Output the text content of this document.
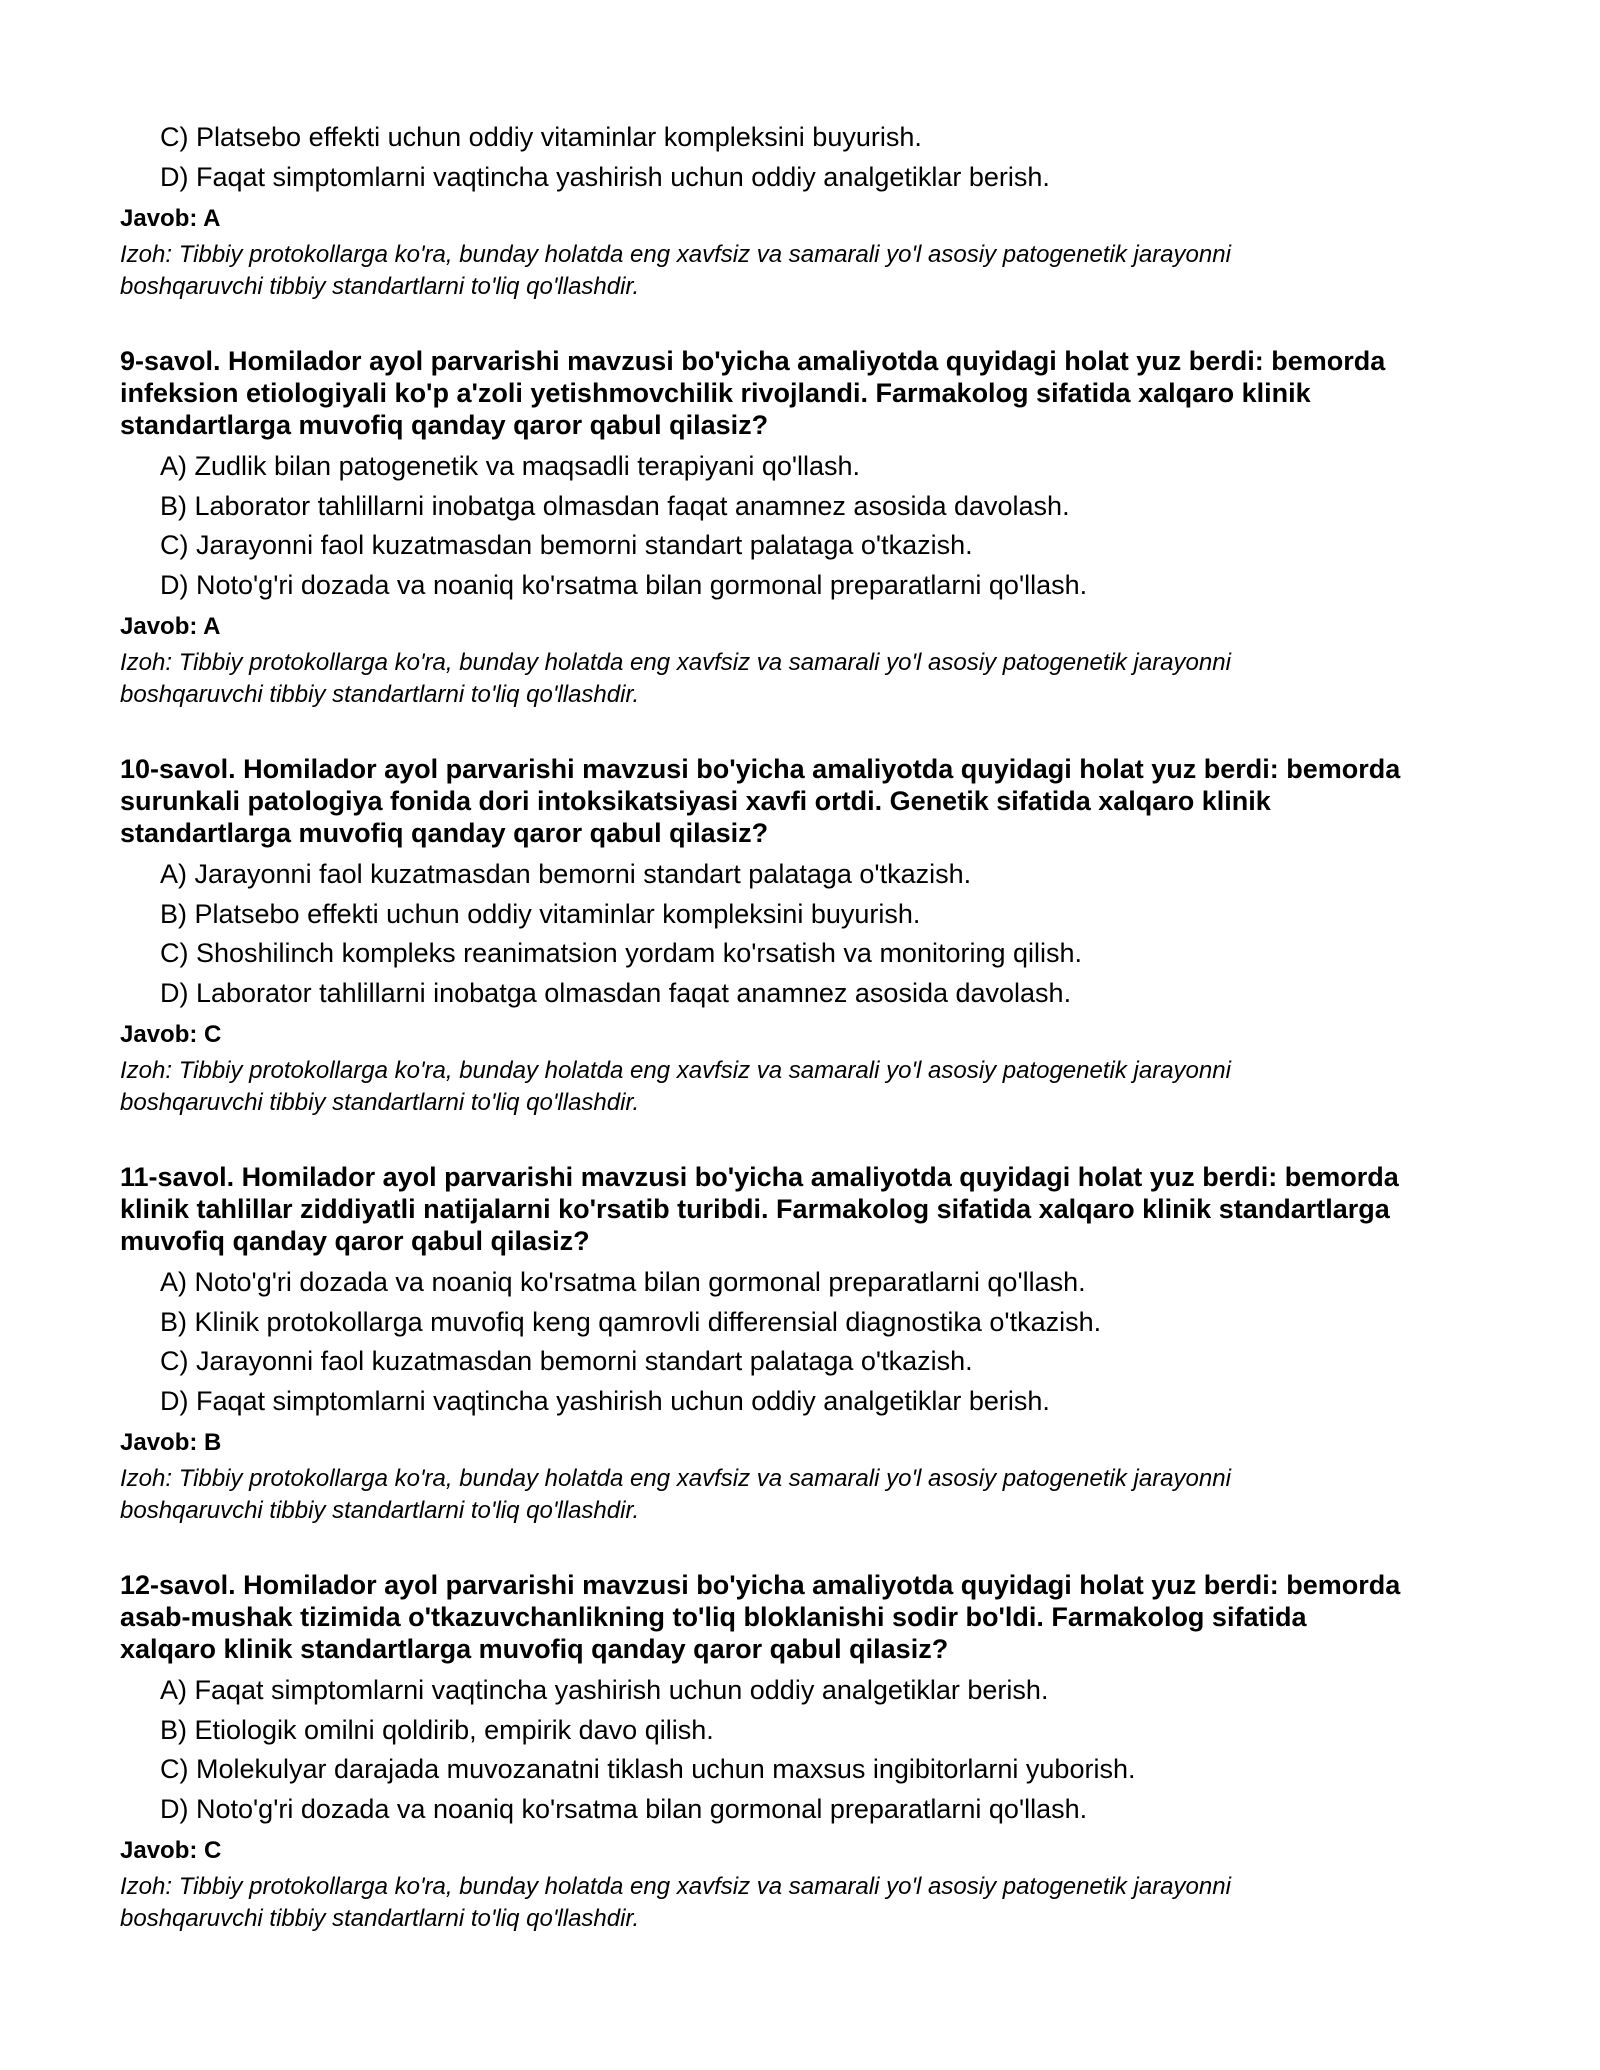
C) Platsebo effekti uchun oddiy vitaminlar kompleksini buyurish.
D) Faqat simptomlarni vaqtincha yashirish uchun oddiy analgetiklar berish.
Javob: A
Izoh: Tibbiy protokollarga ko'ra, bunday holatda eng xavfsiz va samarali yo'l asosiy patogenetik jarayonni
boshqaruvchi tibbiy standartlarni to'liq qo'llashdir.
9-savol. Homilador ayol parvarishi mavzusi bo'yicha amaliyotda quyidagi holat yuz berdi: bemorda
infeksion etiologiyali ko'p a'zoli yetishmovchilik rivojlandi. Farmakolog sifatida xalqaro klinik
standartlarga muvofiq qanday qaror qabul qilasiz?
A) Zudlik bilan patogenetik va maqsadli terapiyani qo'llash.
B) Laborator tahlillarni inobatga olmasdan faqat anamnez asosida davolash.
C) Jarayonni faol kuzatmasdan bemorni standart palataga o'tkazish.
D) Noto'g'ri dozada va noaniq ko'rsatma bilan gormonal preparatlarni qo'llash.
Javob: A
Izoh: Tibbiy protokollarga ko'ra, bunday holatda eng xavfsiz va samarali yo'l asosiy patogenetik jarayonni
boshqaruvchi tibbiy standartlarni to'liq qo'llashdir.
10-savol. Homilador ayol parvarishi mavzusi bo'yicha amaliyotda quyidagi holat yuz berdi: bemorda
surunkali patologiya fonida dori intoksikatsiyasi xavfi ortdi. Genetik sifatida xalqaro klinik
standartlarga muvofiq qanday qaror qabul qilasiz?
A) Jarayonni faol kuzatmasdan bemorni standart palataga o'tkazish.
B) Platsebo effekti uchun oddiy vitaminlar kompleksini buyurish.
C) Shoshilinch kompleks reanimatsion yordam ko'rsatish va monitoring qilish.
D) Laborator tahlillarni inobatga olmasdan faqat anamnez asosida davolash.
Javob: C
Izoh: Tibbiy protokollarga ko'ra, bunday holatda eng xavfsiz va samarali yo'l asosiy patogenetik jarayonni
boshqaruvchi tibbiy standartlarni to'liq qo'llashdir.
11-savol. Homilador ayol parvarishi mavzusi bo'yicha amaliyotda quyidagi holat yuz berdi: bemorda
klinik tahlillar ziddiyatli natijalarni ko'rsatib turibdi. Farmakolog sifatida xalqaro klinik standartlarga
muvofiq qanday qaror qabul qilasiz?
A) Noto'g'ri dozada va noaniq ko'rsatma bilan gormonal preparatlarni qo'llash.
B) Klinik protokollarga muvofiq keng qamrovli differensial diagnostika o'tkazish.
C) Jarayonni faol kuzatmasdan bemorni standart palataga o'tkazish.
D) Faqat simptomlarni vaqtincha yashirish uchun oddiy analgetiklar berish.
Javob: B
Izoh: Tibbiy protokollarga ko'ra, bunday holatda eng xavfsiz va samarali yo'l asosiy patogenetik jarayonni
boshqaruvchi tibbiy standartlarni to'liq qo'llashdir.
12-savol. Homilador ayol parvarishi mavzusi bo'yicha amaliyotda quyidagi holat yuz berdi: bemorda
asab-mushak tizimida o'tkazuvchanlikning to'liq bloklanishi sodir bo'ldi. Farmakolog sifatida
xalqaro klinik standartlarga muvofiq qanday qaror qabul qilasiz?
A) Faqat simptomlarni vaqtincha yashirish uchun oddiy analgetiklar berish.
B) Etiologik omilni qoldirib, empirik davo qilish.
C) Molekulyar darajada muvozanatni tiklash uchun maxsus ingibitorlarni yuborish.
D) Noto'g'ri dozada va noaniq ko'rsatma bilan gormonal preparatlarni qo'llash.
Javob: C
Izoh: Tibbiy protokollarga ko'ra, bunday holatda eng xavfsiz va samarali yo'l asosiy patogenetik jarayonni
boshqaruvchi tibbiy standartlarni to'liq qo'llashdir.
